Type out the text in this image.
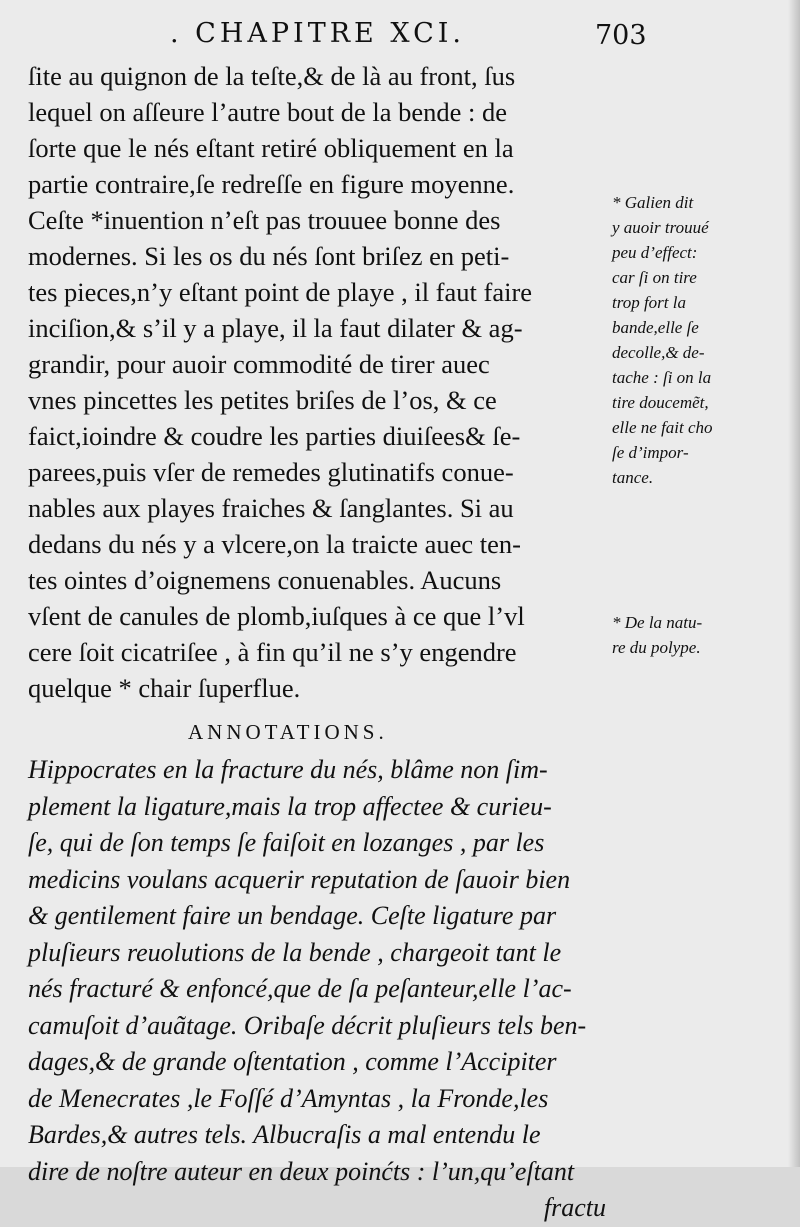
. CHAPITRE XCI.	703
ſite au quignon de la teſte,& de là au front, ſus
lequel on aſſeure l’autre bout de la bende : de
ſorte que le nés eſtant retiré obliquement en la
partie contraire,ſe redreſſe en figure moyenne.
Ceſte *inuention n’eſt pas trouuee bonne des
modernes. Si les os du nés ſont briſez en peti-
tes pieces,n’y eſtant point de playe , il faut faire
inciſion,& s’il y a playe, il la faut dilater & ag-
grandir, pour auoir commodité de tirer auec
vnes pincettes les petites briſes de l’os, & ce
faict,ioindre & coudre les parties diuiſees& ſe-
parees,puis vſer de remedes glutinatifs conue-
nables aux playes fraiches & ſanglantes. Si au
dedans du nés y a vlcere,on la traicte auec ten-
tes ointes d’oignemens conuenables. Aucuns
vſent de canules de plomb,iuſques à ce que l’vl
cere ſoit cicatriſee , à fin qu’il ne s’y engendre
quelque * chair ſuperflue.
ANNOTATIONS.
Hippocrates en la fracture du nés, blâme non ſim-
plement la ligature,mais la trop affectee & curieu-
ſe, qui de ſon temps ſe faiſoit en lozanges , par les
medicins voulans acquerir reputation de ſauoir bien
& gentilement faire un bendage. Ceſte ligature par
pluſieurs reuolutions de la bende , chargeoit tant le
nés fracturé & enfoncé,que de ſa peſanteur,elle l’ac-
camuſoit d’auãtage. Oribaſe décrit pluſieurs tels ben-
dages,& de grande oſtentation , comme l’Accipiter
de Menecrates ,le Foſſé d’Amyntas , la Fronde,les
Bardes,& autres tels. Albucraſis a mal entendu le
dire de noſtre auteur en deux poinćts : l’un,qu’eſtant
fractu
* Galien dit
y auoir trouué
peu d’effect:
car ſi on tire
trop fort la
bande,elle ſe
decolle,& de-
tache : ſi on la
tire doucemẽt,
elle ne fait cho
ſe d’impor-
tance.
* De la natu-
re du polype.
